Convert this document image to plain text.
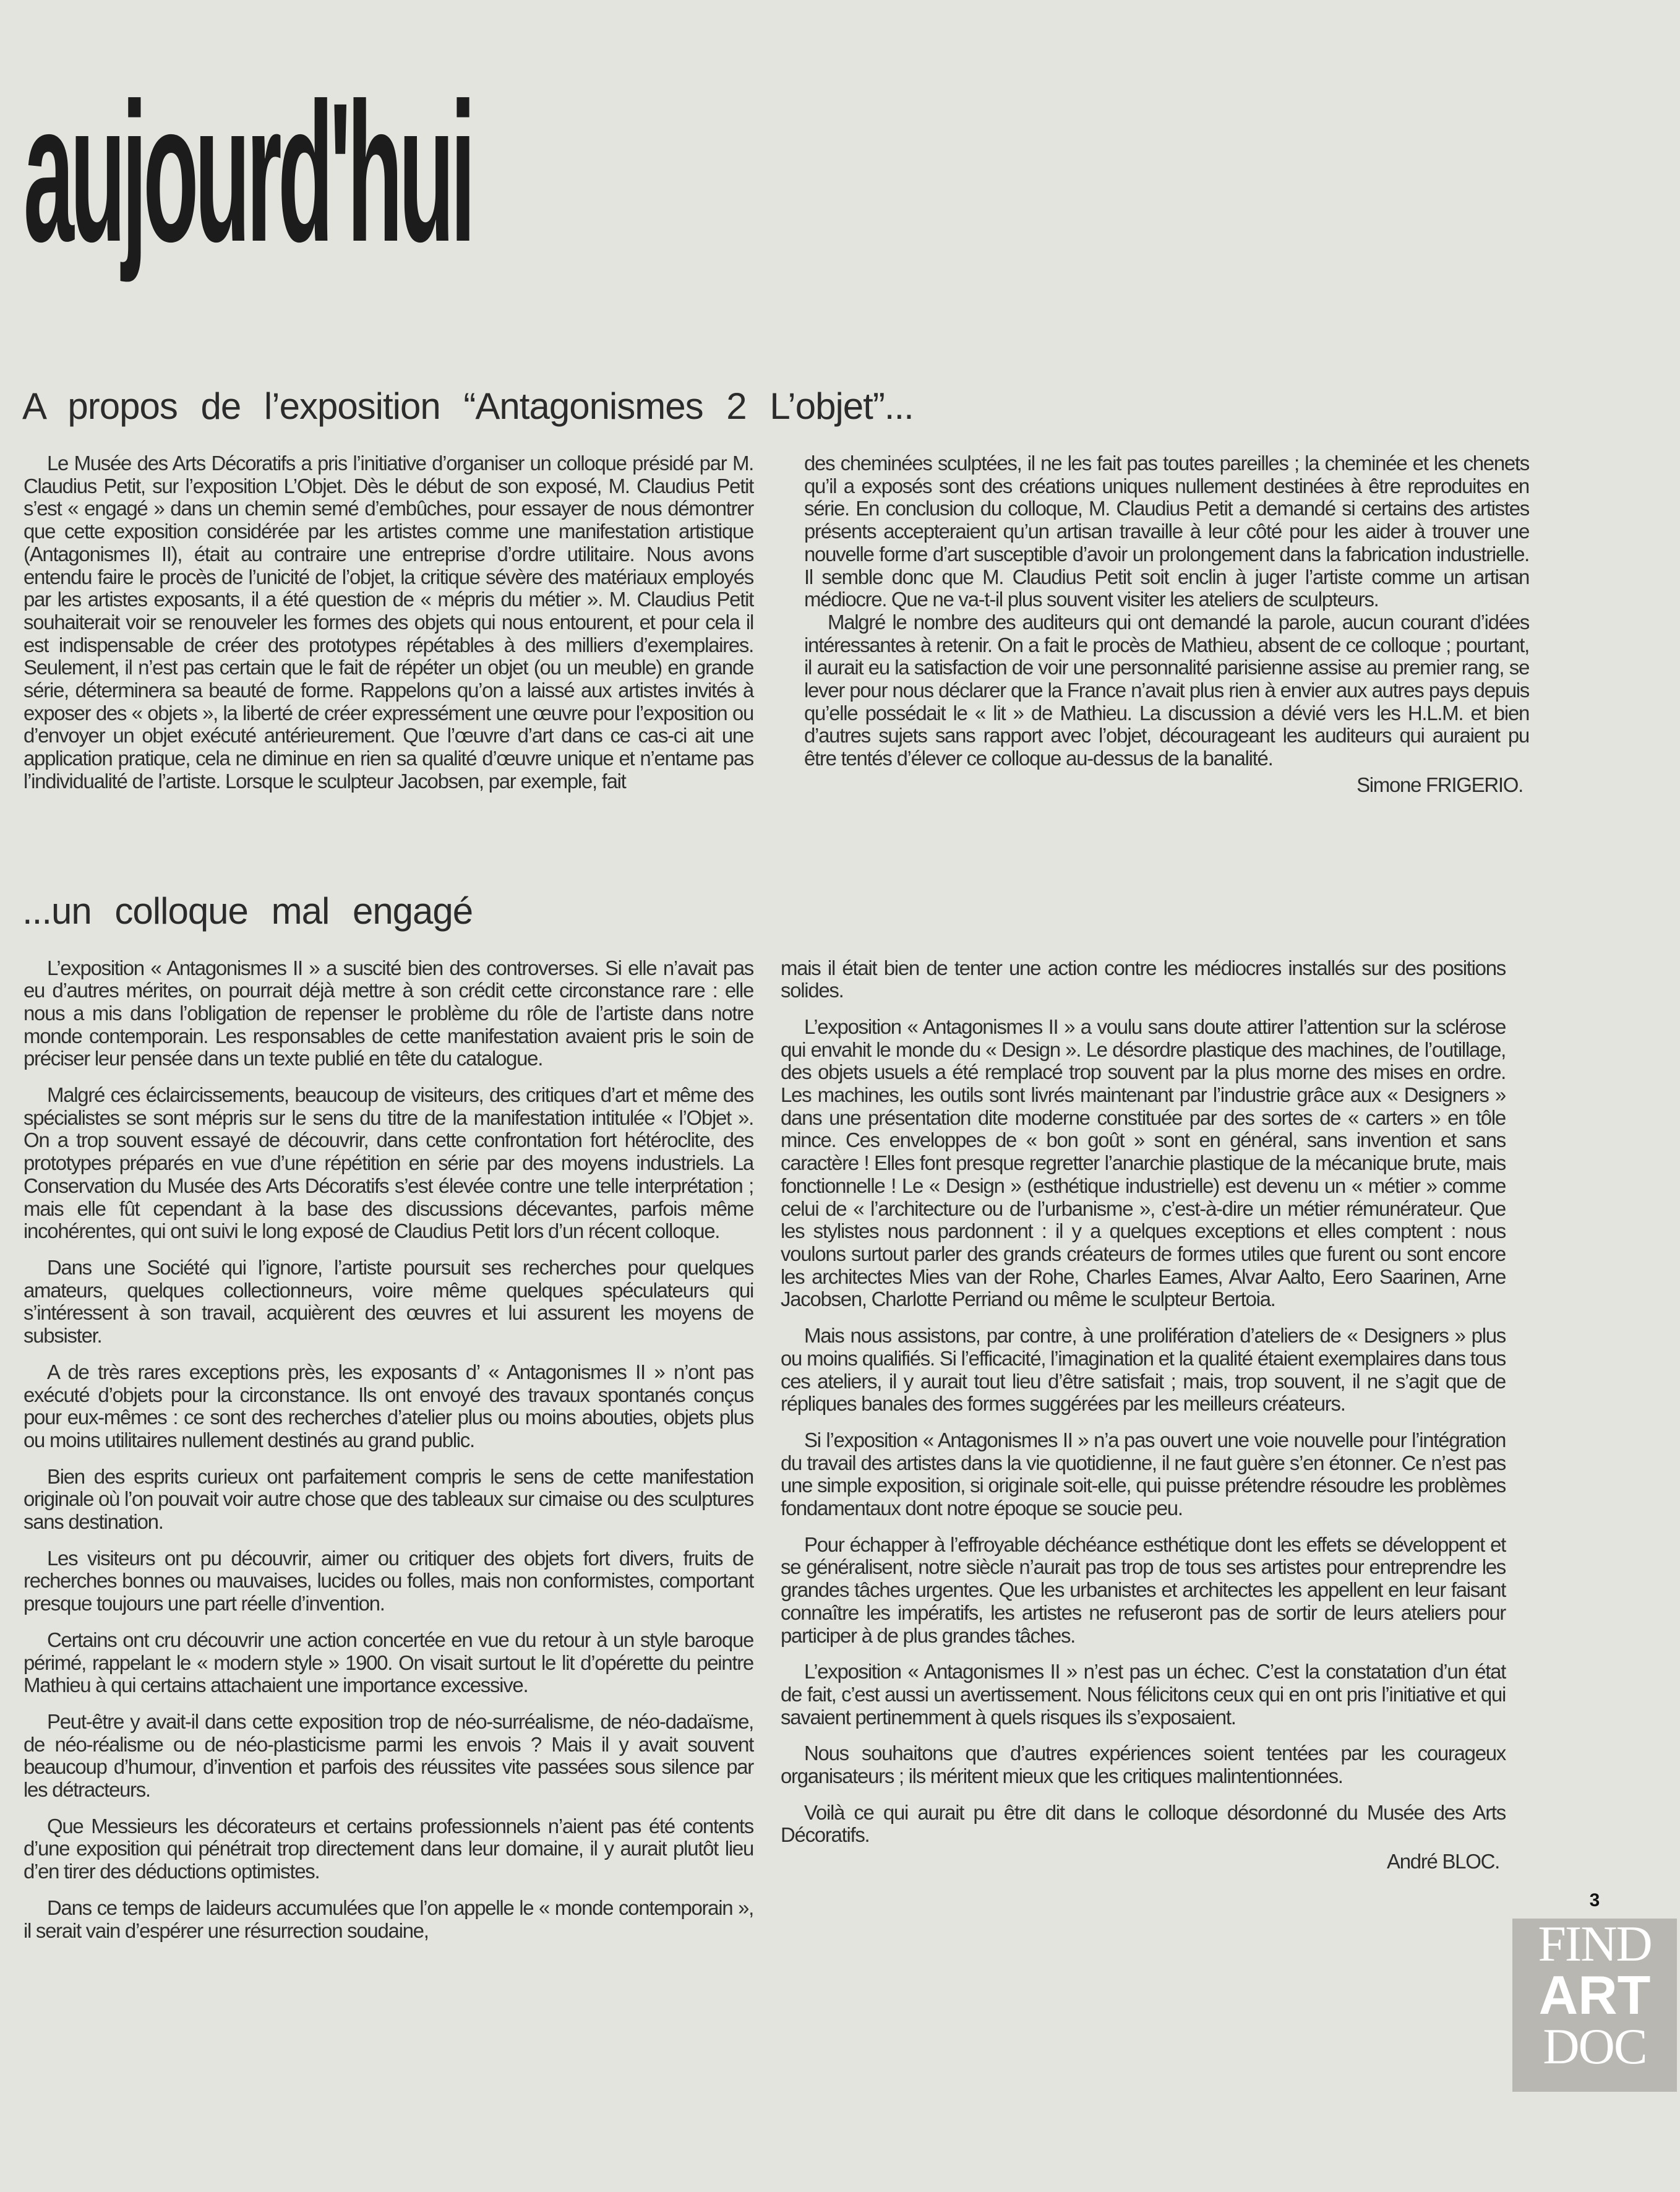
aujourd'hui
A propos de l’exposition “Antagonismes 2 L’objet”...

Le Musée des Arts Décoratifs a pris l’initiative d’organiser un colloque présidé par M. Claudius Petit, sur l’exposition L’Objet. Dès le début de son exposé, M. Claudius Petit s’est « engagé » dans un chemin semé d’embûches, pour essayer de nous démontrer que cette exposition considérée par les artistes comme une manifestation artistique (Antagonismes II), était au contraire une entreprise d’ordre utilitaire. Nous avons entendu faire le procès de l’unicité de l’objet, la critique sévère des matériaux employés par les artistes exposants, il a été question de « mépris du métier ». M. Claudius Petit souhaiterait voir se renouveler les formes des objets qui nous entourent, et pour cela il est indispensable de créer des prototypes répétables à des milliers d’exemplaires. Seulement, il n’est pas certain que le fait de répéter un objet (ou un meuble) en grande série, déterminera sa beauté de forme. Rappelons qu’on a laissé aux artistes invités à exposer des « objets », la liberté de créer expressément une œuvre pour l’exposition ou d’envoyer un objet exécuté antérieurement. Que l’œuvre d’art dans ce cas-ci ait une application pratique, cela ne diminue en rien sa qualité d’œuvre unique et n’entame pas l’individualité de l’artiste. Lorsque le sculpteur Jacobsen, par exemple, fait

des cheminées sculptées, il ne les fait pas toutes pareilles ; la cheminée et les chenets qu’il a exposés sont des créations uniques nullement destinées à être reproduites en série. En conclusion du colloque, M. Claudius Petit a demandé si certains des artistes présents accepteraient qu’un artisan travaille à leur côté pour les aider à trouver une nouvelle forme d’art susceptible d’avoir un prolongement dans la fabrication industrielle. Il semble donc que M. Claudius Petit soit enclin à juger l’artiste comme un artisan médiocre. Que ne va-t-il plus souvent visiter les ateliers de sculpteurs.

Malgré le nombre des auditeurs qui ont demandé la parole, aucun courant d’idées intéressantes à retenir. On a fait le procès de Mathieu, absent de ce colloque ; pourtant, il aurait eu la satisfaction de voir une personnalité parisienne assise au premier rang, se lever pour nous déclarer que la France n’avait plus rien à envier aux autres pays depuis qu’elle possédait le « lit » de Mathieu. La discussion a dévié vers les H.L.M. et bien d’autres sujets sans rapport avec l’objet, décourageant les auditeurs qui auraient pu être tentés d’élever ce colloque au-dessus de la banalité.

Simone FRIGERIO.

...un colloque mal engagé

L’exposition « Antagonismes II » a suscité bien des controverses. Si elle n’avait pas eu d’autres mérites, on pourrait déjà mettre à son crédit cette circonstance rare : elle nous a mis dans l’obligation de repenser le problème du rôle de l’artiste dans notre monde contemporain. Les responsables de cette manifestation avaient pris le soin de préciser leur pensée dans un texte publié en tête du catalogue.

Malgré ces éclaircissements, beaucoup de visiteurs, des critiques d’art et même des spécialistes se sont mépris sur le sens du titre de la manifestation intitulée « l’Objet ». On a trop souvent essayé de découvrir, dans cette confrontation fort hétéroclite, des prototypes préparés en vue d’une répétition en série par des moyens industriels. La Conservation du Musée des Arts Décoratifs s’est élevée contre une telle interprétation ; mais elle fût cependant à la base des discussions décevantes, parfois même incohérentes, qui ont suivi le long exposé de Claudius Petit lors d’un récent colloque.

Dans une Société qui l’ignore, l’artiste poursuit ses recherches pour quelques amateurs, quelques collectionneurs, voire même quelques spéculateurs qui s’intéressent à son travail, acquièrent des œuvres et lui assurent les moyens de subsister.

A de très rares exceptions près, les exposants d’ « Antagonismes II » n’ont pas exécuté d’objets pour la circonstance. Ils ont envoyé des travaux spontanés conçus pour eux-mêmes : ce sont des recherches d’atelier plus ou moins abouties, objets plus ou moins utilitaires nullement destinés au grand public.

Bien des esprits curieux ont parfaitement compris le sens de cette manifestation originale où l’on pouvait voir autre chose que des tableaux sur cimaise ou des sculptures sans destination.

Les visiteurs ont pu découvrir, aimer ou critiquer des objets fort divers, fruits de recherches bonnes ou mauvaises, lucides ou folles, mais non conformistes, comportant presque toujours une part réelle d’invention.

Certains ont cru découvrir une action concertée en vue du retour à un style baroque périmé, rappelant le « modern style » 1900. On visait surtout le lit d’opérette du peintre Mathieu à qui certains attachaient une importance excessive.

Peut-être y avait-il dans cette exposition trop de néo-surréalisme, de néo-dadaïsme, de néo-réalisme ou de néo-plasticisme parmi les envois ? Mais il y avait souvent beaucoup d’humour, d’invention et parfois des réussites vite passées sous silence par les détracteurs.

Que Messieurs les décorateurs et certains professionnels n’aient pas été contents d’une exposition qui pénétrait trop directement dans leur domaine, il y aurait plutôt lieu d’en tirer des déductions optimistes.

Dans ce temps de laideurs accumulées que l’on appelle le « monde contemporain », il serait vain d’espérer une résurrection soudaine,

mais il était bien de tenter une action contre les médiocres installés sur des positions solides.

L’exposition « Antagonismes II » a voulu sans doute attirer l’attention sur la sclérose qui envahit le monde du « Design ». Le désordre plastique des machines, de l’outillage, des objets usuels a été remplacé trop souvent par la plus morne des mises en ordre. Les machines, les outils sont livrés maintenant par l’industrie grâce aux « Designers » dans une présentation dite moderne constituée par des sortes de « carters » en tôle mince. Ces enveloppes de « bon goût » sont en général, sans invention et sans caractère ! Elles font presque regretter l’anarchie plastique de la mécanique brute, mais fonctionnelle ! Le « Design » (esthétique industrielle) est devenu un « métier » comme celui de « l’architecture ou de l’urbanisme », c’est-à-dire un métier rémunérateur. Que les stylistes nous pardonnent : il y a quelques exceptions et elles comptent : nous voulons surtout parler des grands créateurs de formes utiles que furent ou sont encore les architectes Mies van der Rohe, Charles Eames, Alvar Aalto, Eero Saarinen, Arne Jacobsen, Charlotte Perriand ou même le sculpteur Bertoia.

Mais nous assistons, par contre, à une prolifération d’ateliers de « Designers » plus ou moins qualifiés. Si l’efficacité, l’imagination et la qualité étaient exemplaires dans tous ces ateliers, il y aurait tout lieu d’être satisfait ; mais, trop souvent, il ne s’agit que de répliques banales des formes suggérées par les meilleurs créateurs.

Si l’exposition « Antagonismes II » n’a pas ouvert une voie nouvelle pour l’intégration du travail des artistes dans la vie quotidienne, il ne faut guère s’en étonner. Ce n’est pas une simple exposition, si originale soit-elle, qui puisse prétendre résoudre les problèmes fondamentaux dont notre époque se soucie peu.

Pour échapper à l’effroyable déchéance esthétique dont les effets se développent et se généralisent, notre siècle n’aurait pas trop de tous ses artistes pour entreprendre les grandes tâches urgentes. Que les urbanistes et architectes les appellent en leur faisant connaître les impératifs, les artistes ne refuseront pas de sortir de leurs ateliers pour participer à de plus grandes tâches.

L’exposition « Antagonismes II » n’est pas un échec. C’est la constatation d’un état de fait, c’est aussi un avertissement. Nous félicitons ceux qui en ont pris l’initiative et qui savaient pertinemment à quels risques ils s’exposaient.

Nous souhaitons que d’autres expériences soient tentées par les courageux organisateurs ; ils méritent mieux que les critiques malintentionnées.

Voilà ce qui aurait pu être dit dans le colloque désordonné du Musée des Arts Décoratifs.

André BLOC.

3
FIND
ART
DOC
